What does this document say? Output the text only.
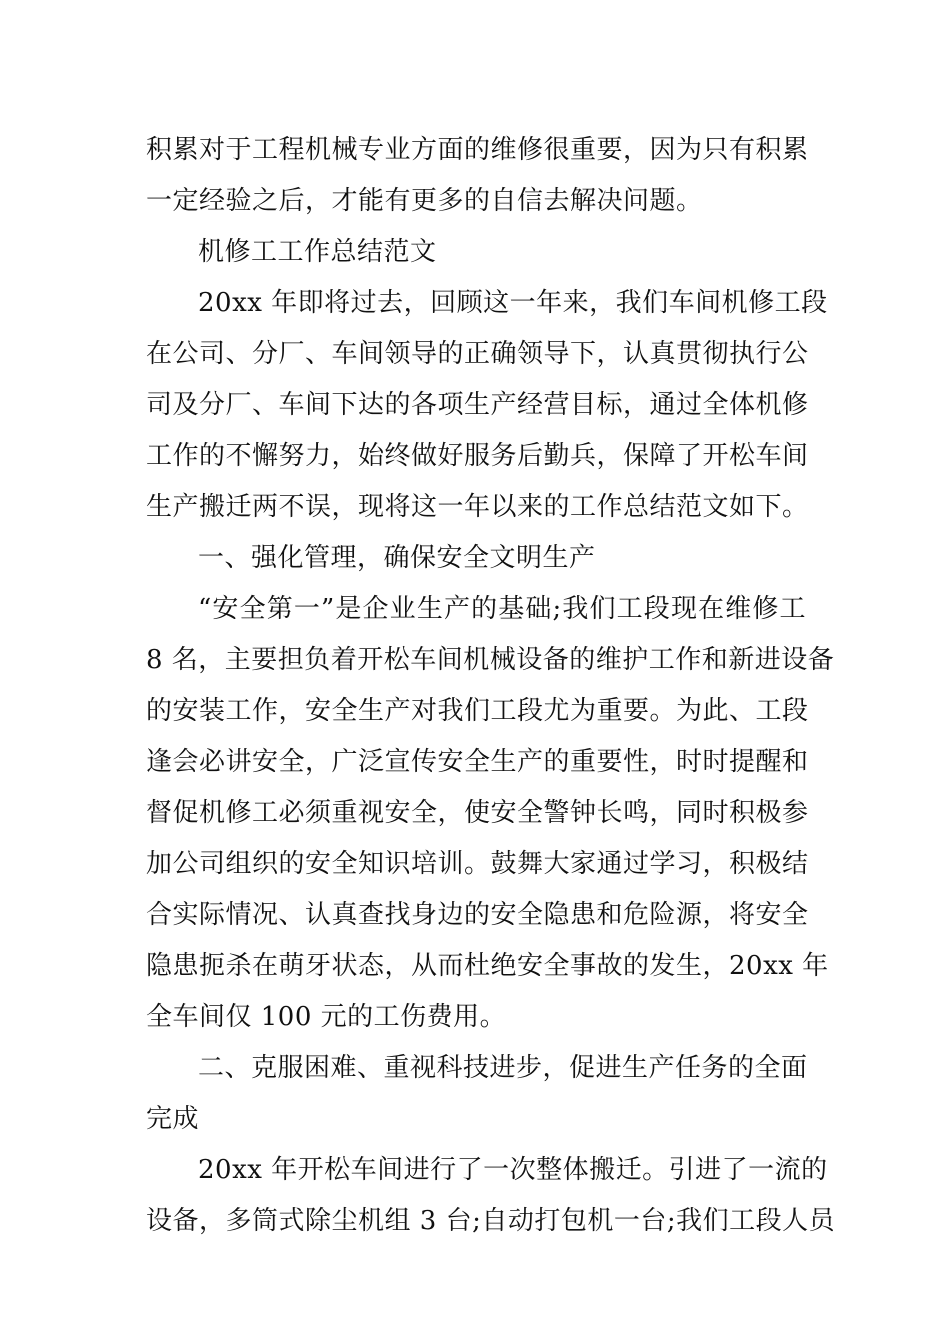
积累对于工程机械专业方面的维修很重要，因为只有积累
一定经验之后，才能有更多的自信去解决问题。
机修工工作总结范文
20xx 年即将过去，回顾这一年来，我们车间机修工段
在公司、分厂、车间领导的正确领导下，认真贯彻执行公
司及分厂、车间下达的各项生产经营目标，通过全体机修
工作的不懈努力，始终做好服务后勤兵，保障了开松车间
生产搬迁两不误，现将这一年以来的工作总结范文如下。
一、强化管理，确保安全文明生产
“安全第一”是企业生产的基础;我们工段现在维修工
8 名，主要担负着开松车间机械设备的维护工作和新进设备
的安装工作，安全生产对我们工段尤为重要。为此、工段
逢会必讲安全，广泛宣传安全生产的重要性，时时提醒和
督促机修工必须重视安全，使安全警钟长鸣，同时积极参
加公司组织的安全知识培训。鼓舞大家通过学习，积极结
合实际情况、认真查找身边的安全隐患和危险源，将安全
隐患扼杀在萌牙状态，从而杜绝安全事故的发生，20xx 年
全车间仅 100 元的工伤费用。
二、克服困难、重视科技进步，促进生产任务的全面
完成
20xx 年开松车间进行了一次整体搬迁。引进了一流的
设备，多筒式除尘机组 3 台;自动打包机一台;我们工段人员
